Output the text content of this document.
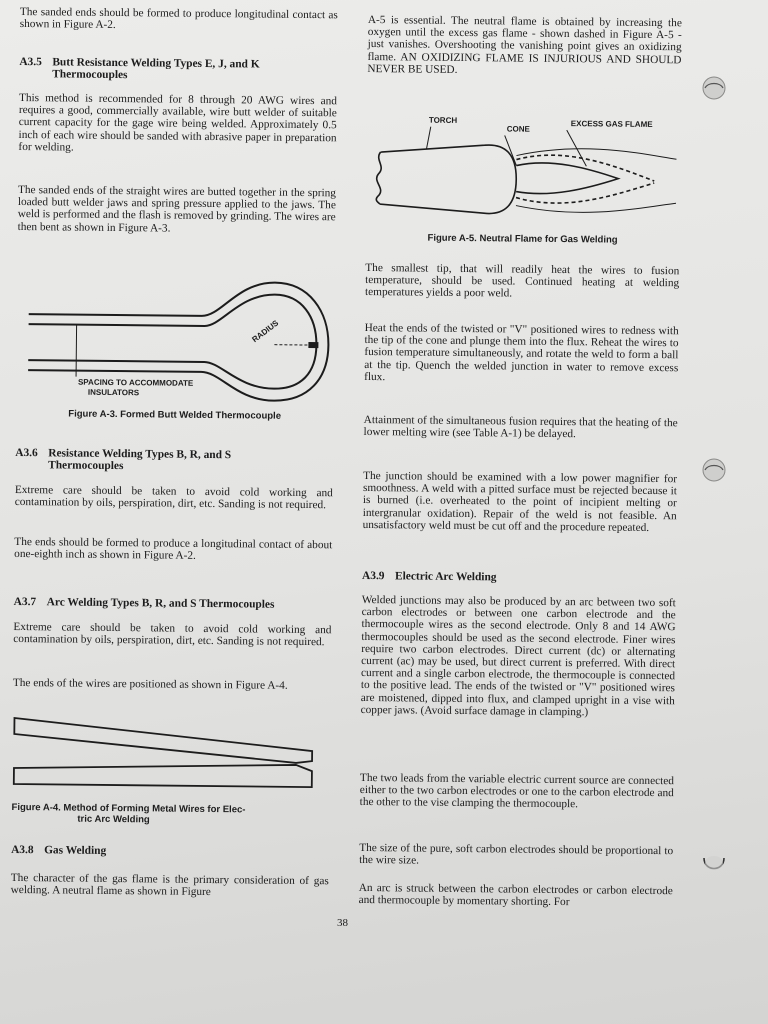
The sanded ends should be formed to produce longitudinal contact as shown in Figure A-2.

A3.5 Butt Resistance Welding Types E, J, and K
Thermocouples

This method is recommended for 8 through 20 AWG wires and requires a good, commercially available, wire butt welder of suitable current capacity for the gage wire being welded. Approximately 0.5 inch of each wire should be sanded with abrasive paper in preparation for welding.

The sanded ends of the straight wires are butted together in the spring loaded butt welder jaws and spring pressure applied to the jaws. The weld is performed and the flash is removed by grinding. The wires are then bent as shown in Figure A-3.

RADIUS
SPACING TO ACCOMMODATE
INSULATORS
Figure A-3. Formed Butt Welded Thermocouple
A3.6 Resistance Welding Types B, R, and S
Thermocouples

Extreme care should be taken to avoid cold working and contamination by oils, perspiration, dirt, etc. Sanding is not required.

The ends should be formed to produce a longitudinal contact of about one-eighth inch as shown in Figure A-2.

A3.7 Arc Welding Types B, R, and S Thermocouples

Extreme care should be taken to avoid cold working and contamination by oils, perspiration, dirt, etc. Sanding is not required.

The ends of the wires are positioned as shown in Figure A-4.

Figure A-4. Method of Forming Metal Wires for Elec-
tric Arc Welding
A3.8 Gas Welding

The character of the gas flame is the primary consideration of gas welding. A neutral flame as shown in Figure

A-5 is essential. The neutral flame is obtained by increasing the oxygen until the excess gas flame - shown dashed in Figure A-5 - just vanishes. Overshooting the vanishing point gives an oxidizing flame. AN OXIDIZING FLAME IS INJURIOUS AND SHOULD NEVER BE USED.

TORCH
CONE
EXCESS GAS FLAME
Figure A-5. Neutral Flame for Gas Welding

The smallest tip, that will readily heat the wires to fusion temperature, should be used. Continued heating at welding temperatures yields a poor weld.

Heat the ends of the twisted or "V" positioned wires to redness with the tip of the cone and plunge them into the flux. Reheat the wires to fusion temperature simultaneously, and rotate the weld to form a ball at the tip. Quench the welded junction in water to remove excess flux.

Attainment of the simultaneous fusion requires that the heating of the lower melting wire (see Table A-1) be delayed.

The junction should be examined with a low power magnifier for smoothness. A weld with a pitted surface must be rejected because it is burned (i.e. overheated to the point of incipient melting or intergranular oxidation). Repair of the weld is not feasible. An unsatisfactory weld must be cut off and the procedure repeated.

A3.9 Electric Arc Welding

Welded junctions may also be produced by an arc between two soft carbon electrodes or between one carbon electrode and the thermocouple wires as the second electrode. Only 8 and 14 AWG thermocouples should be used as the second electrode. Finer wires require two carbon electrodes. Direct current (dc) or alternating current (ac) may be used, but direct current is preferred. With direct current and a single carbon electrode, the thermocouple is connected to the positive lead. The ends of the twisted or "V" positioned wires are moistened, dipped into flux, and clamped upright in a vise with copper jaws. (Avoid surface damage in clamping.)

The two leads from the variable electric current source are connected either to the two carbon electrodes or one to the carbon electrode and the other to the vise clamping the thermocouple.

The size of the pure, soft carbon electrodes should be proportional to the wire size.

An arc is struck between the carbon electrodes or carbon electrode and thermocouple by momentary shorting. For

38
